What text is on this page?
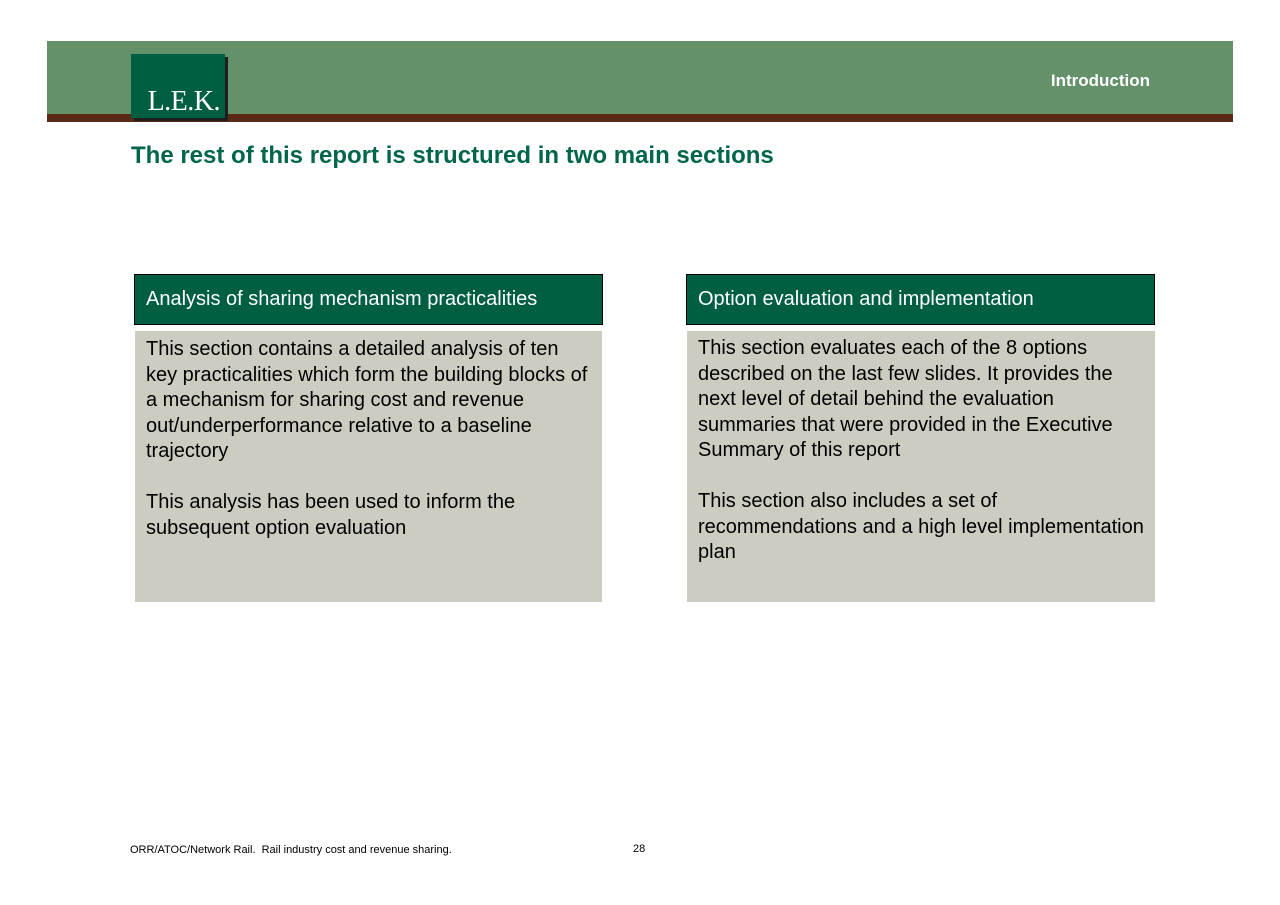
L.E.K.
Introduction
The rest of this report is structured in two main sections
Analysis of sharing mechanism practicalities

This section contains a detailed analysis of ten key practicalities which form the building blocks of a mechanism for sharing cost and revenue out/underperformance relative to a baseline trajectory

This analysis has been used to inform the subsequent option evaluation

Option evaluation and implementation

This section evaluates each of the 8 options described on the last few slides. It provides the next level of detail behind the evaluation summaries that were provided in the Executive Summary of this report

This section also includes a set of recommendations and a high level implementation plan

ORR/ATOC/Network Rail.  Rail industry cost and revenue sharing.	28
